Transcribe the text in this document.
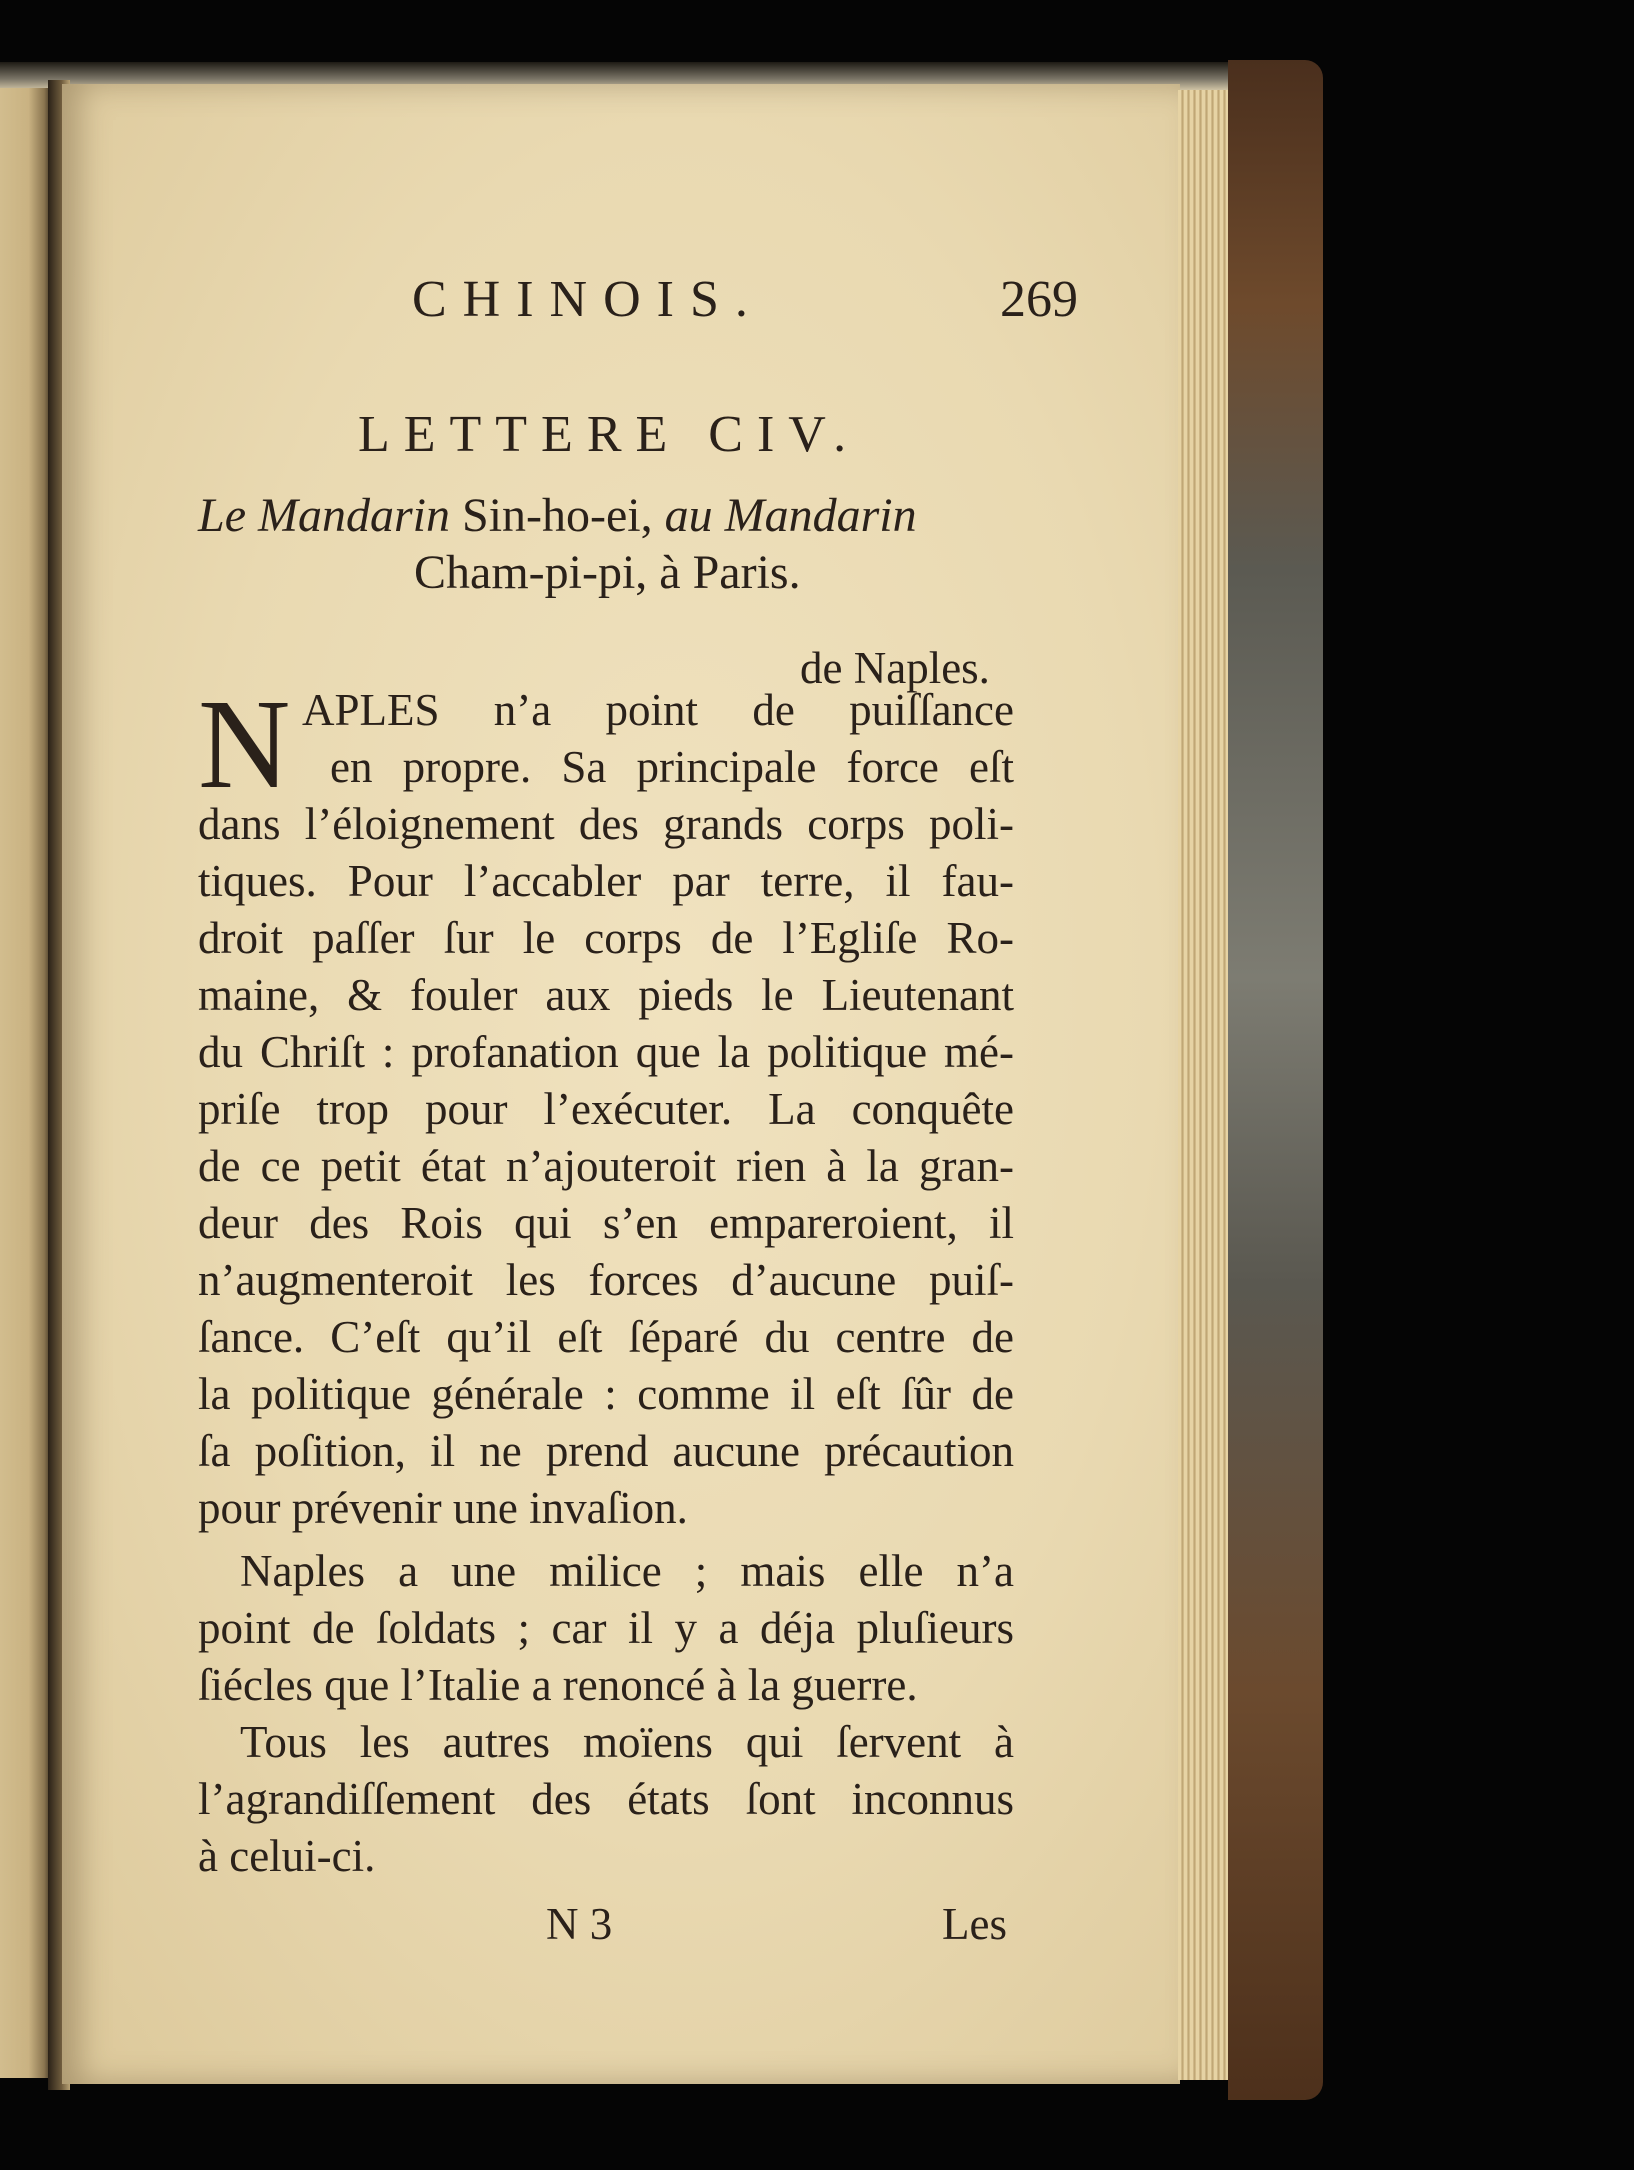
CHINOIS.	269
LETTERE CIV.
Le Mandarin Sin-ho-ei, au Mandarin
Cham-pi-pi, à Paris.
de Naples.
N APLES n’a point de puiſſance
en propre. Sa principale force eſt
dans l’éloignement des grands corps poli-
tiques. Pour l’accabler par terre, il fau-
droit paſſer ſur le corps de l’Egliſe Ro-
maine, & fouler aux pieds le Lieutenant
du Chriſt : profanation que la politique mé-
priſe trop pour l’exécuter. La conquête
de ce petit état n’ajouteroit rien à la gran-
deur des Rois qui s’en empareroient, il
n’augmenteroit les forces d’aucune puiſ-
ſance. C’eſt qu’il eſt ſéparé du centre de
la politique générale : comme il eſt ſûr de
ſa poſition, il ne prend aucune précaution
pour prévenir une invaſion.
Naples a une milice ; mais elle n’a
point de ſoldats ; car il y a déja pluſieurs
ſiécles que l’Italie a renoncé à la guerre.
Tous les autres moïens qui ſervent à
l’agrandiſſement des états ſont inconnus
à celui-ci.
N 3	Les
